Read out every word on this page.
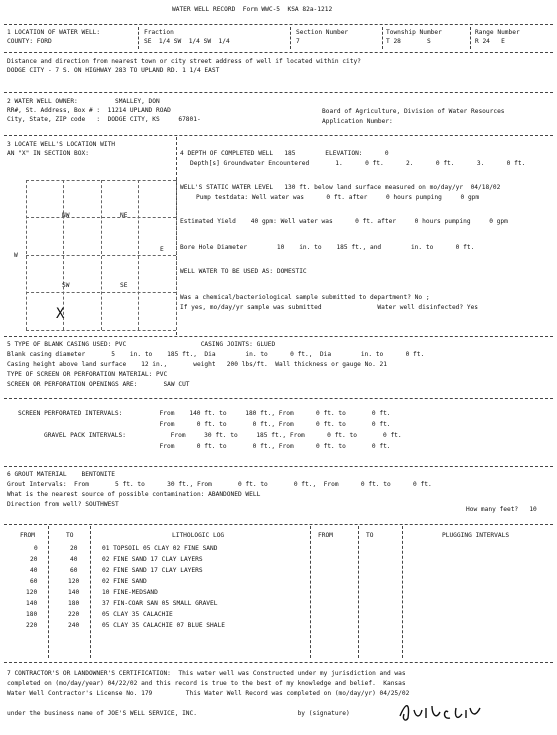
WATER WELL RECORD  Form WWC-5  KSA 82a-1212
1 LOCATION OF WATER WELL:
COUNTY: FORD
Fraction
SE  1/4 SW  1/4 SW  1/4
Section Number
7
Township Number
T 28       S
Range Number
R 24   E
Distance and direction from nearest town or city street address of well if located within city?
DODGE CITY - 7 S. ON HIGHWAY 283 TO UPLAND RD. 1 1/4 EAST
2 WATER WELL OWNER:          SMALLEY, DON
RR#, St. Address, Box # :  11214 UPLAND ROAD
City, State, ZIP code   :  DODGE CITY, KS     67801-
Board of Agriculture, Division of Water Resources
Application Number:
3 LOCATE WELL'S LOCATION WITH
AN "X" IN SECTION BOX:
NW	NE
SW	SE
W
E
X
4 DEPTH OF COMPLETED WELL   185        ELEVATION:      0
Depth[s] Groundwater Encountered       1.      0 ft.      2.      0 ft.      3.      0 ft.
WELL'S STATIC WATER LEVEL   130 ft. below land surface measured on mo/day/yr  04/18/02
Pump testdata: Well water was      0 ft. after     0 hours pumping     0 gpm
Estimated Yield    40 gpm: Well water was      0 ft. after     0 hours pumping     0 gpm
Bore Hole Diameter        10    in. to    185 ft., and        in. to      0 ft.
WELL WATER TO BE USED AS: DOMESTIC
Was a chemical/bacteriological sample submitted to department? No ;
If yes, mo/day/yr sample was submitted               Water well disinfected? Yes
5 TYPE OF BLANK CASING USED: PVC                    CASING JOINTS: GLUED
Blank casing diameter       5    in. to    185 ft.,  Dia        in. to      0 ft.,  Dia        in. to      0 ft.
Casing height above land surface    12 in.,       weight   200 lbs/ft.  Wall thickness or gauge No. 21
TYPE OF SCREEN OR PERFORATION MATERIAL: PVC
SCREEN OR PERFORATION OPENINGS ARE:       SAW CUT
SCREEN PERFORATED INTERVALS:          From    140 ft. to     180 ft., From      0 ft. to       0 ft.
From      0 ft. to       0 ft., From      0 ft. to       0 ft.
GRAVEL PACK INTERVALS:            From     30 ft. to     185 ft., From      0 ft. to       0 ft.
From      0 ft. to       0 ft., From      0 ft. to       0 ft.
6 GROUT MATERIAL    BENTONITE
Grout Intervals:  From       5 ft. to      30 ft., From       0 ft. to       0 ft.,  From      0 ft. to      0 ft.
What is the nearest source of possible contamination: ABANDONED WELL
Direction from well? SOUTHWEST
How many feet?   10
FROM	TO	LITHOLOGIC LOG	FROM	TO	PLUGGING INTERVALS
0	20	01 TOPSOIL 05 CLAY 02 FINE SAND
20	40	02 FINE SAND 17 CLAY LAYERS
40	60	02 FINE SAND 17 CLAY LAYERS
60	120	02 FINE SAND
120	140	10 FINE-MEDSAND
140	180	37 FIN-COAR SAN 05 SMALL GRAVEL
180	220	05 CLAY 35 CALACHIE
220	240	05 CLAY 35 CALACHIE 07 BLUE SHALE
7 CONTRACTOR'S OR LANDOWNER'S CERTIFICATION:  This water well was Constructed under my jurisdiction and was
completed on (mo/day/year) 04/22/02 and this record is true to the best of my knowledge and belief.  Kansas
Water Well Contractor's License No. 179         This Water Well Record was completed on (mo/day/yr) 04/25/02
under the business name of JOE'S WELL SERVICE, INC.                           by (signature)
